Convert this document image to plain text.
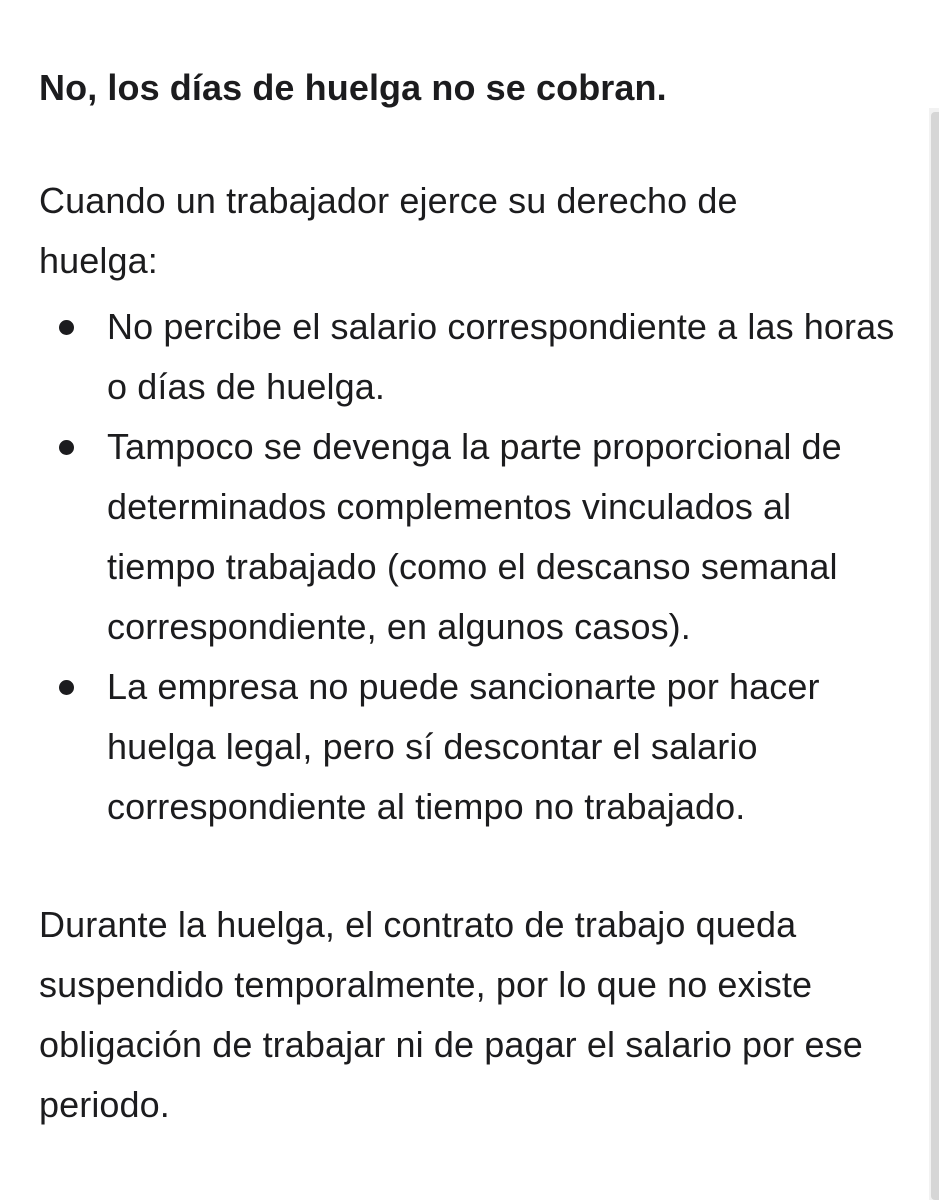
No, los días de huelga no se cobran.

Cuando un trabajador ejerce su derecho de huelga:

No percibe el salario correspondiente a las horas o días de huelga.
Tampoco se devenga la parte proporcional de determinados complementos vinculados al tiempo trabajado (como el descanso semanal correspondiente, en algunos casos).
La empresa no puede sancionarte por hacer huelga legal, pero sí descontar el salario correspondiente al tiempo no trabajado.

Durante la huelga, el contrato de trabajo queda suspendido temporalmente, por lo que no existe obligación de trabajar ni de pagar el salario por ese periodo.
